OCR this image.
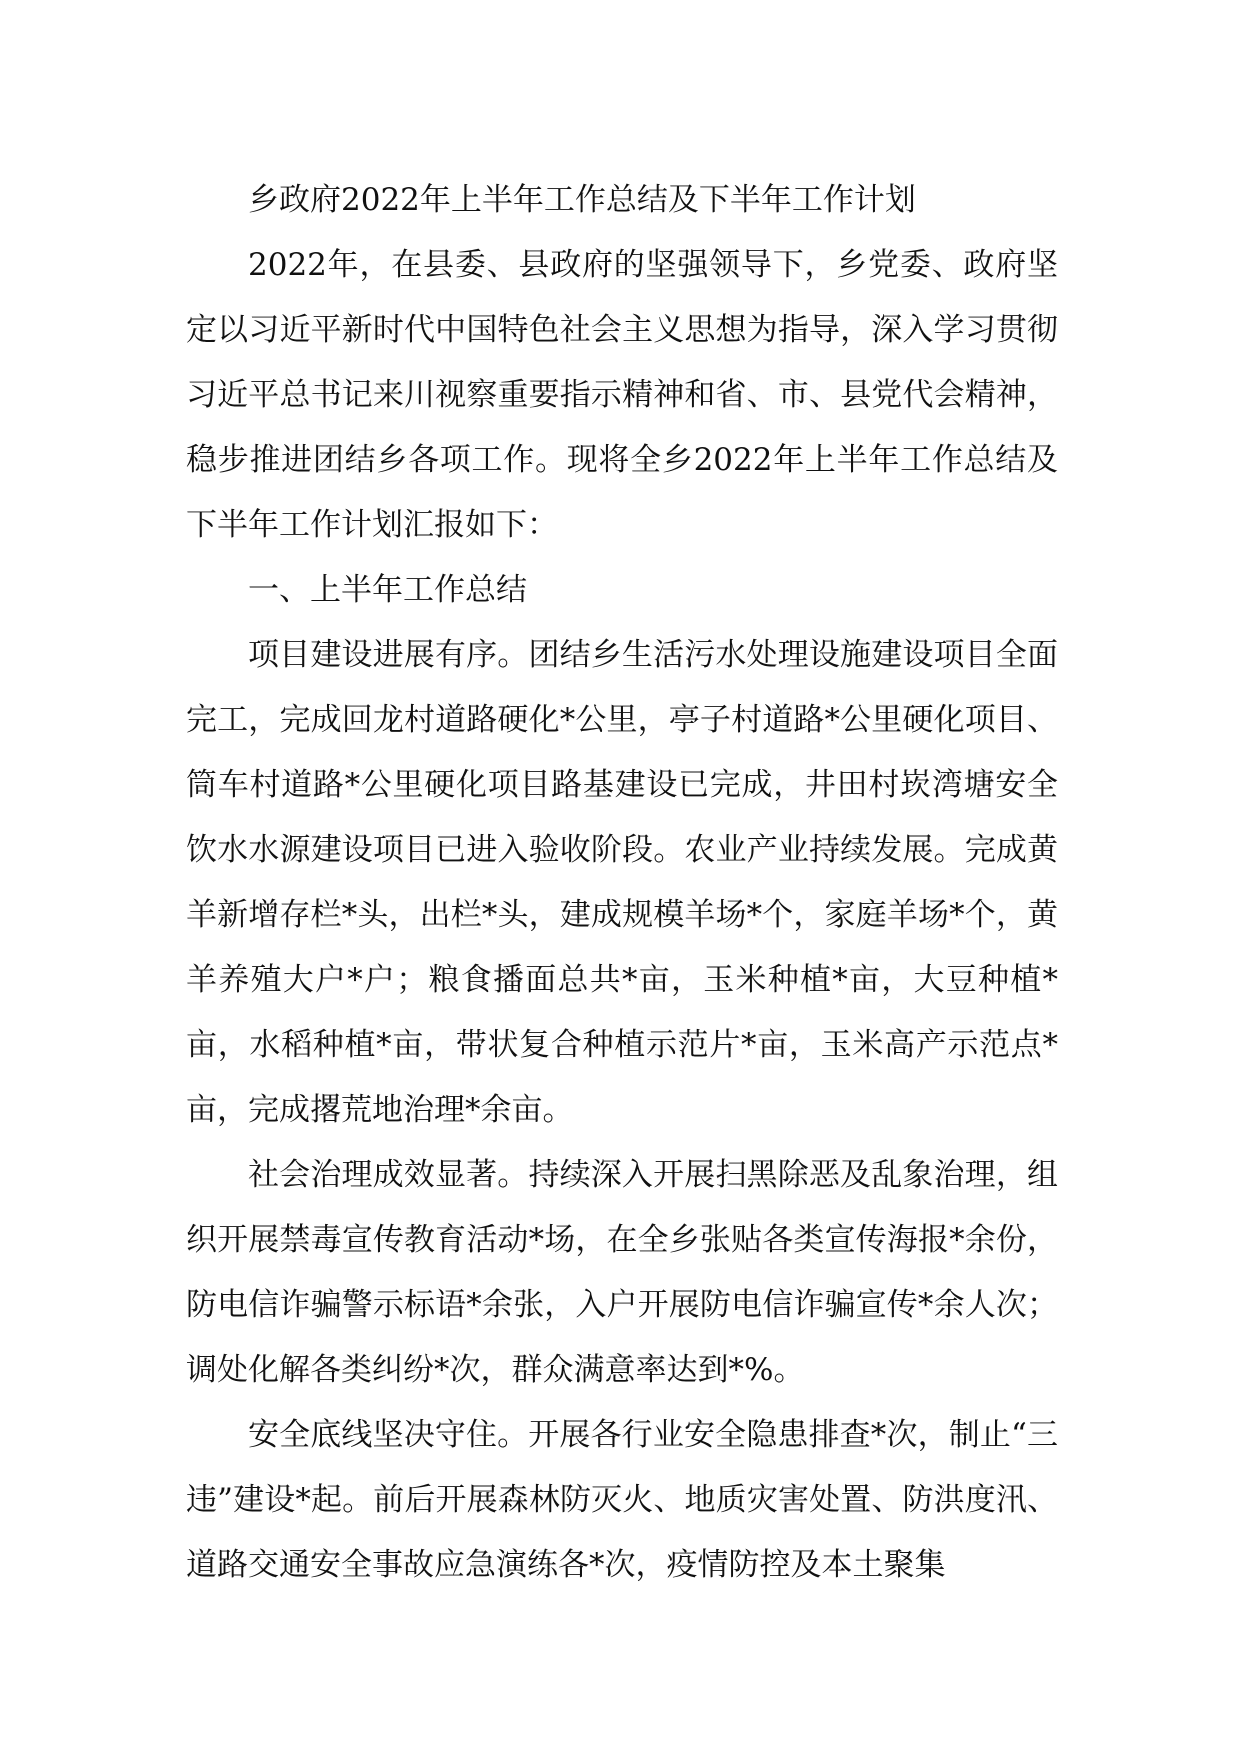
乡政府2022年上半年工作总结及下半年工作计划

2022年，在县委、县政府的坚强领导下，乡党委、政府坚定以习近平新时代中国特色社会主义思想为指导，深入学习贯彻习近平总书记来川视察重要指示精神和省、市、县党代会精神，稳步推进团结乡各项工作。现将全乡2022年上半年工作总结及下半年工作计划汇报如下：

一、上半年工作总结

项目建设进展有序。团结乡生活污水处理设施建设项目全面完工，完成回龙村道路硬化*公里，亭子村道路*公里硬化项目、筒车村道路*公里硬化项目路基建设已完成，井田村崁湾塘安全饮水水源建设项目已进入验收阶段。农业产业持续发展。完成黄羊新增存栏*头，出栏*头，建成规模羊场*个，家庭羊场*个，黄羊养殖大户*户；粮食播面总共*亩，玉米种植*亩，大豆种植*亩，水稻种植*亩，带状复合种植示范片*亩，玉米高产示范点*亩，完成撂荒地治理*余亩。

社会治理成效显著。持续深入开展扫黑除恶及乱象治理，组织开展禁毒宣传教育活动*场，在全乡张贴各类宣传海报*余份，防电信诈骗警示标语*余张，入户开展防电信诈骗宣传*余人次；调处化解各类纠纷*次，群众满意率达到*%。

安全底线坚决守住。开展各行业安全隐患排查*次，制止“三违”建设*起。前后开展森林防灭火、地质灾害处置、防洪度汛、道路交通安全事故应急演练各*次，疫情防控及本土聚集
